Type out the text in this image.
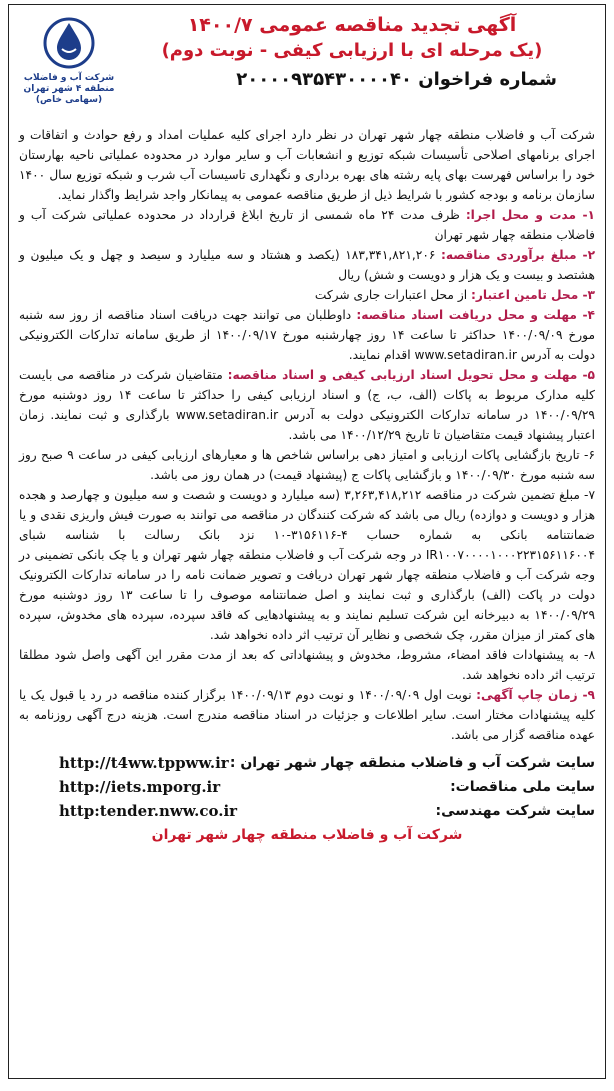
شرکت آب و فاضلاب منطقه ۴ شهر تهران (سهامی خاص)
آگهی تجدید مناقصه عمومی ۱۴۰۰/۷
(یک مرحله ای با ارزیابی کیفی - نوبت دوم)
شماره فراخوان ۲۰۰۰۰۹۳۵۴۳۰۰۰۰۴۰

شرکت آب و فاضلاب منطقه چهار شهر تهران در نظر دارد اجرای کلیه عملیات امداد و رفع حوادث و اتفاقات و اجرای برنامهای اصلاحی تأسیسات شبکه توزیع و انشعابات آب و سایر موارد در محدوده عملیاتی ناحیه بهارستان خود را براساس فهرست بهای پایه رشته های بهره برداری و نگهداری تاسیسات آب شرب و شبکه توزیع سال ۱۴۰۰ سازمان برنامه و بودجه کشور با شرایط ذیل از طریق مناقصه عمومی به پیمانکار واجد شرایط واگذار نماید.

۱- مدت و محل اجرا: ظرف مدت ۲۴ ماه شمسی از تاریخ ابلاغ قرارداد در محدوده عملیاتی شرکت آب و فاضلاب منطقه چهار شهر تهران

۲- مبلغ برآوردی مناقصه: ۱۸۳,۳۴۱,۸۲۱,۲۰۶ (یکصد و هشتاد و سه میلیارد و سیصد و چهل و یک میلیون و هشتصد و بیست و یک هزار و دویست و شش) ریال

۳- محل تامین اعتبار: از محل اعتبارات جاری شرکت

۴- مهلت و محل دریافت اسناد مناقصه: داوطلبان می توانند جهت دریافت اسناد مناقصه از روز سه شنبه مورخ ۱۴۰۰/۰۹/۰۹ حداکثر تا ساعت ۱۴ روز چهارشنبه مورخ ۱۴۰۰/۰۹/۱۷ از طریق سامانه تدارکات الکترونیکی دولت به آدرس www.setadiran.ir اقدام نمایند.

۵- مهلت و محل تحویل اسناد ارزیابی کیفی و اسناد مناقصه: متقاضیان شرکت در مناقصه می بایست کلیه مدارک مربوط به پاکات (الف، ب، ج) و اسناد ارزیابی کیفی را حداکثر تا ساعت ۱۴ روز دوشنبه مورخ ۱۴۰۰/۰۹/۲۹ در سامانه تدارکات الکترونیکی دولت به آدرس www.setadiran.ir بارگذاری و ثبت نمایند. زمان اعتبار پیشنهاد قیمت متقاضیان تا تاریخ ۱۴۰۰/۱۲/۲۹ می باشد.

۶- تاریخ بازگشایی پاکات ارزیابی و امتیاز دهی براساس شاخص ها و معیارهای ارزیابی کیفی در ساعت ۹ صبح روز سه شنبه مورخ ۱۴۰۰/۰۹/۳۰ و بازگشایی پاکات ج (پیشنهاد قیمت) در همان روز می باشد.

۷- مبلغ تضمین شرکت در مناقصه ۳,۲۶۳,۴۱۸,۲۱۲ (سه میلیارد و دویست و شصت و سه میلیون و چهارصد و هجده هزار و دویست و دوازده) ریال می باشد که شرکت کنندگان در مناقصه می توانند به صورت فیش واریزی نقدی و یا ضمانتنامه بانکی به شماره حساب ۴-۳۱۵۶۱۱۶-۱۰ نزد بانک رسالت با شناسه شبای IR۱۰۰۷۰۰۰۰۱۰۰۰۲۲۳۱۵۶۱۱۶۰۰۴ در وجه شرکت آب و فاضلاب منطقه چهار شهر تهران و یا چک بانکی تضمینی در وجه شرکت آب و فاضلاب منطقه چهار شهر تهران دریافت و تصویر ضمانت نامه را در سامانه تدارکات الکترونیک دولت در پاکت (الف) بارگذاری و ثبت نمایند و اصل ضمانتنامه موصوف را تا ساعت ۱۳ روز دوشنبه مورخ ۱۴۰۰/۰۹/۲۹ به دبیرخانه این شرکت تسلیم نمایند و به پیشنهادهایی که فاقد سپرده، سپرده های مخدوش، سپرده های کمتر از میزان مقرر، چک شخصی و نظایر آن ترتیب اثر داده نخواهد شد.

۸- به پیشنهادات فاقد امضاء، مشروط، مخدوش و پیشنهاداتی که بعد از مدت مقرر این آگهی واصل شود مطلقا ترتیب اثر داده نخواهد شد.

۹- زمان چاپ آگهی: نوبت اول ۱۴۰۰/۰۹/۰۹ و نوبت دوم ۱۴۰۰/۰۹/۱۳ برگزار کننده مناقصه در رد یا قبول یک یا کلیه پیشنهادات مختار است. سایر اطلاعات و جزئیات در اسناد مناقصه مندرج است. هزینه درج آگهی روزنامه به عهده مناقصه گزار می باشد.

سایت شرکت آب و فاضلاب منطقه چهار شهر تهران :
http://t4ww.tppww.ir
سایت ملی مناقصات:
http://iets.mporg.ir
سایت شرکت مهندسی:
http:tender.nww.co.ir
شرکت آب و فاضلاب منطقه چهار شهر تهران
